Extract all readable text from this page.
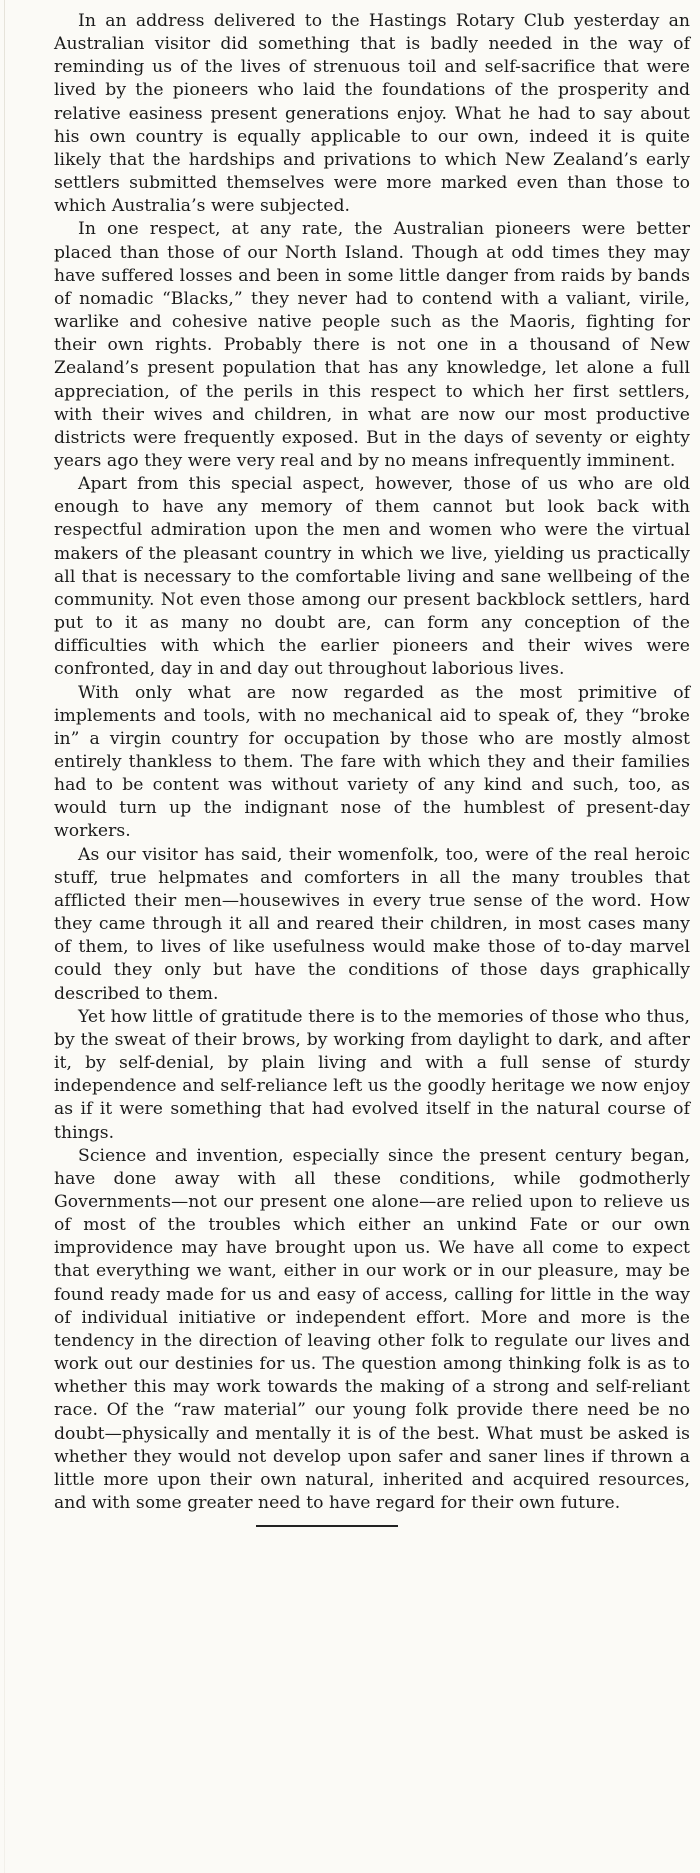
In an address delivered to the Hastings Rotary Club yesterday an Australian visitor did something that is badly needed in the way of reminding us of the lives of strenuous toil and self-sacrifice that were lived by the pioneers who laid the foundations of the prosperity and relative easiness present generations enjoy. What he had to say about his own country is equally applicable to our own, indeed it is quite likely that the hardships and privations to which New Zealand’s early settlers submitted themselves were more marked even than those to which Australia’s were subjected.

In one respect, at any rate, the Australian pioneers were better placed than those of our North Island. Though at odd times they may have suffered losses and been in some little danger from raids by bands of nomadic “Blacks,” they never had to contend with a valiant, virile, warlike and cohesive native people such as the Maoris, fighting for their own rights. Probably there is not one in a thousand of New Zealand’s present population that has any knowledge, let alone a full appreciation, of the perils in this respect to which her first settlers, with their wives and children, in what are now our most productive districts were frequently exposed. But in the days of seventy or eighty years ago they were very real and by no means infrequently imminent.

Apart from this special aspect, however, those of us who are old enough to have any memory of them cannot but look back with respectful admiration upon the men and women who were the virtual makers of the pleasant country in which we live, yielding us practically all that is necessary to the comfortable living and sane wellbeing of the community. Not even those among our present backblock settlers, hard put to it as many no doubt are, can form any conception of the difficulties with which the earlier pioneers and their wives were confronted, day in and day out throughout laborious lives.

With only what are now regarded as the most primitive of implements and tools, with no mechanical aid to speak of, they “broke in” a virgin country for occupation by those who are mostly almost entirely thankless to them. The fare with which they and their families had to be content was without variety of any kind and such, too, as would turn up the indignant nose of the humblest of present-day workers.

As our visitor has said, their womenfolk, too, were of the real heroic stuff, true helpmates and comforters in all the many troubles that afflicted their men—housewives in every true sense of the word. How they came through it all and reared their children, in most cases many of them, to lives of like usefulness would make those of to-day marvel could they only but have the conditions of those days graphically described to them.

Yet how little of gratitude there is to the memories of those who thus, by the sweat of their brows, by working from daylight to dark, and after it, by self-denial, by plain living and with a full sense of sturdy independence and self-reliance left us the goodly heritage we now enjoy as if it were something that had evolved itself in the natural course of things.

Science and invention, especially since the present century began, have done away with all these conditions, while godmotherly Governments—not our present one alone—are relied upon to relieve us of most of the troubles which either an unkind Fate or our own improvidence may have brought upon us. We have all come to expect that everything we want, either in our work or in our pleasure, may be found ready made for us and easy of access, calling for little in the way of individual initiative or independent effort. More and more is the tendency in the direction of leaving other folk to regulate our lives and work out our destinies for us. The question among thinking folk is as to whether this may work towards the making of a strong and self-reliant race. Of the “raw material” our young folk provide there need be no doubt—physically and mentally it is of the best. What must be asked is whether they would not develop upon safer and saner lines if thrown a little more upon their own natural, inherited and acquired resources, and with some greater need to have regard for their own future.
